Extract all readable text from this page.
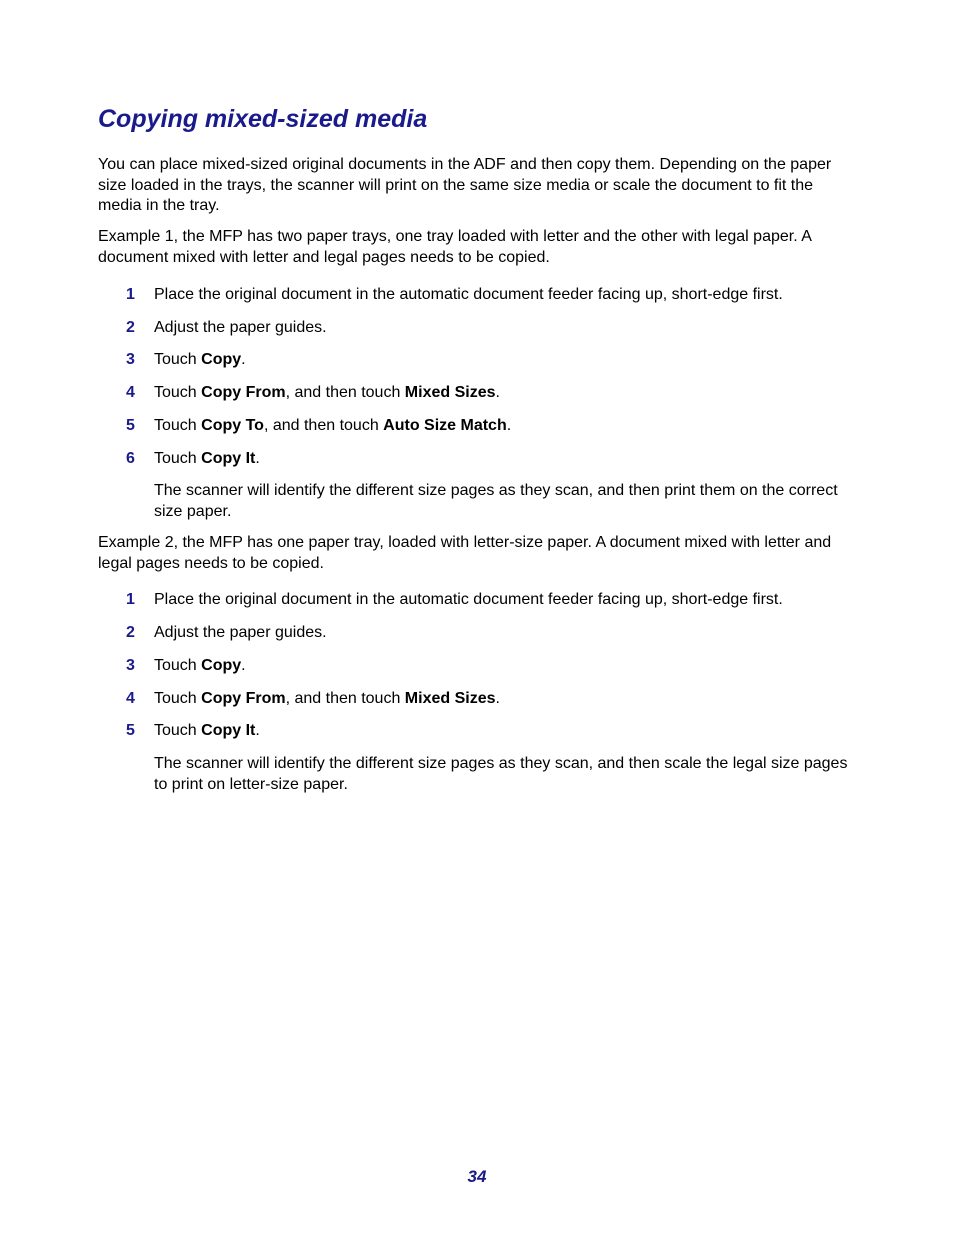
Copying mixed-sized media

You can place mixed-sized original documents in the ADF and then copy them. Depending on the paper size loaded in the trays, the scanner will print on the same size media or scale the document to fit the media in the tray.

Example 1, the MFP has two paper trays, one tray loaded with letter and the other with legal paper. A document mixed with letter and legal pages needs to be copied.

1 Place the original document in the automatic document feeder facing up, short-edge first.
2 Adjust the paper guides.
3 Touch Copy.
4 Touch Copy From, and then touch Mixed Sizes.
5 Touch Copy To, and then touch Auto Size Match.
6 Touch Copy It.

The scanner will identify the different size pages as they scan, and then print them on the correct size paper.

Example 2, the MFP has one paper tray, loaded with letter-size paper. A document mixed with letter and legal pages needs to be copied.

1 Place the original document in the automatic document feeder facing up, short-edge first.
2 Adjust the paper guides.
3 Touch Copy.
4 Touch Copy From, and then touch Mixed Sizes.
5 Touch Copy It.

The scanner will identify the different size pages as they scan, and then scale the legal size pages to print on letter-size paper.

34
